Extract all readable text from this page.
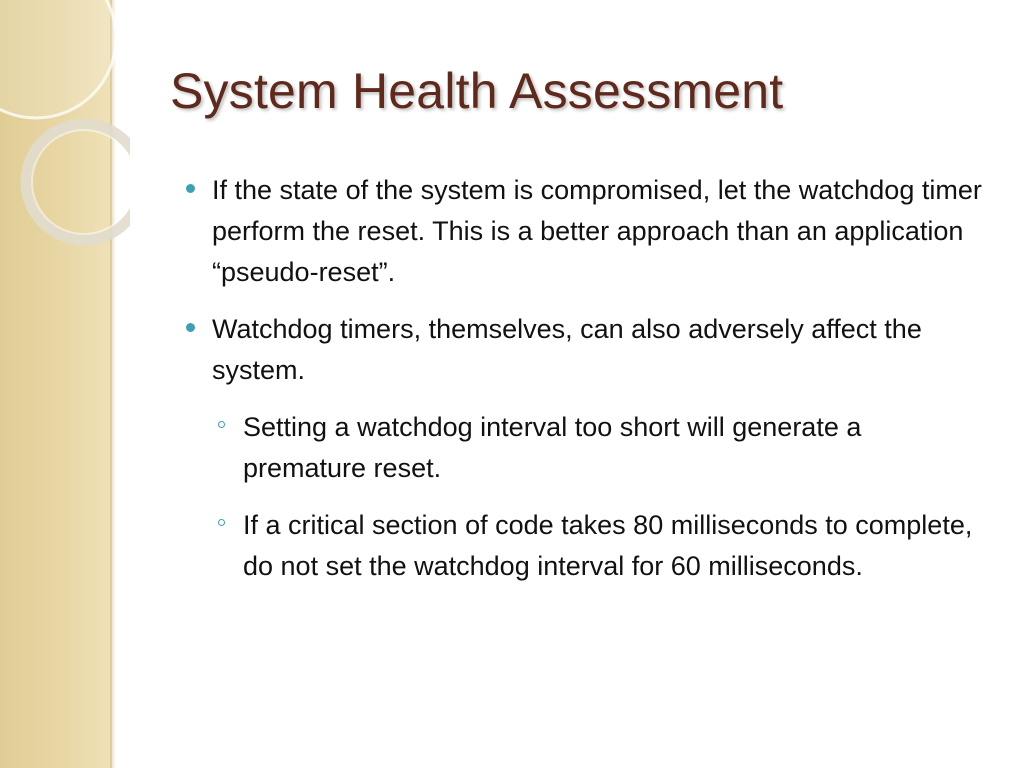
System Health Assessment
If the state of the system is compromised, let the watchdog timer perform the reset. This is a better approach than an application “pseudo-reset”.
Watchdog timers, themselves, can also adversely affect the system.
Setting a watchdog interval too short will generate a premature reset.
If a critical section of code takes 80 milliseconds to complete, do not set the watchdog interval for 60 milliseconds.
